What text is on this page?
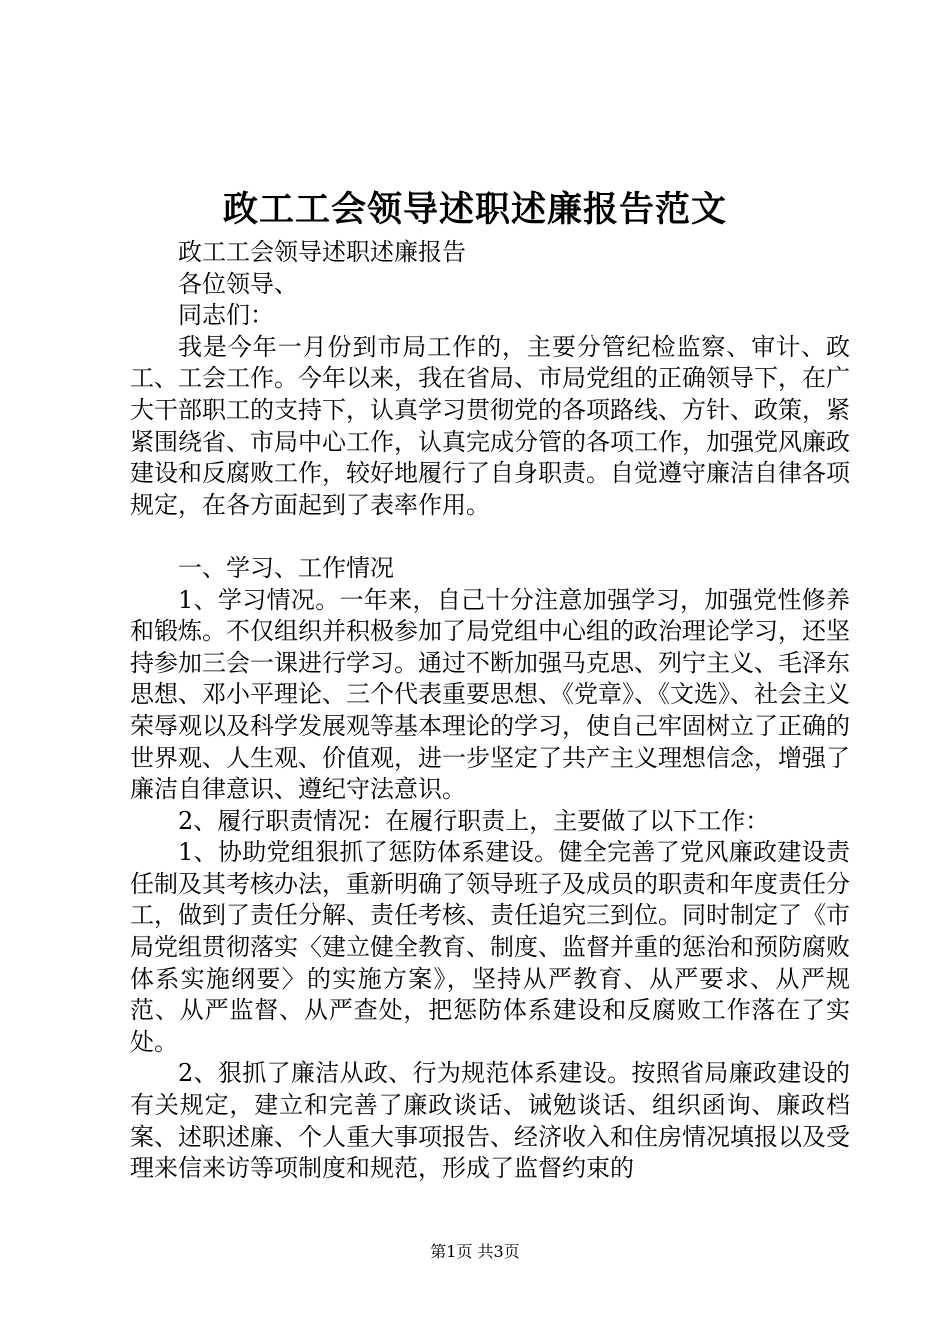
政工工会领导述职述廉报告范文

政工工会领导述职述廉报告

各位领导、

同志们：

我是今年一月份到市局工作的，主要分管纪检监察、审计、政工、工会工作。今年以来，我在省局、市局党组的正确领导下，在广大干部职工的支持下，认真学习贯彻党的各项路线、方针、政策，紧紧围绕省、市局中心工作，认真完成分管的各项工作，加强党风廉政建设和反腐败工作，较好地履行了自身职责。自觉遵守廉洁自律各项规定，在各方面起到了表率作用。

一、学习、工作情况

1、学习情况。一年来，自己十分注意加强学习，加强党性修养和锻炼。不仅组织并积极参加了局党组中心组的政治理论学习，还坚持参加三会一课进行学习。通过不断加强马克思、列宁主义、毛泽东思想、邓小平理论、三个代表重要思想、《党章》、《文选》、社会主义荣辱观以及科学发展观等基本理论的学习，使自己牢固树立了正确的世界观、人生观、价值观，进一步坚定了共产主义理想信念，增强了廉洁自律意识、遵纪守法意识。

2、履行职责情况：在履行职责上，主要做了以下工作：

1、协助党组狠抓了惩防体系建设。健全完善了党风廉政建设责任制及其考核办法，重新明确了领导班子及成员的职责和年度责任分工，做到了责任分解、责任考核、责任追究三到位。同时制定了《市局党组贯彻落实〈建立健全教育、制度、监督并重的惩治和预防腐败体系实施纲要〉的实施方案》，坚持从严教育、从严要求、从严规范、从严监督、从严查处，把惩防体系建设和反腐败工作落在了实处。

2、狠抓了廉洁从政、行为规范体系建设。按照省局廉政建设的有关规定，建立和完善了廉政谈话、诫勉谈话、组织函询、廉政档案、述职述廉、个人重大事项报告、经济收入和住房情况填报以及受理来信来访等项制度和规范，形成了监督约束的

第1页 共3页
